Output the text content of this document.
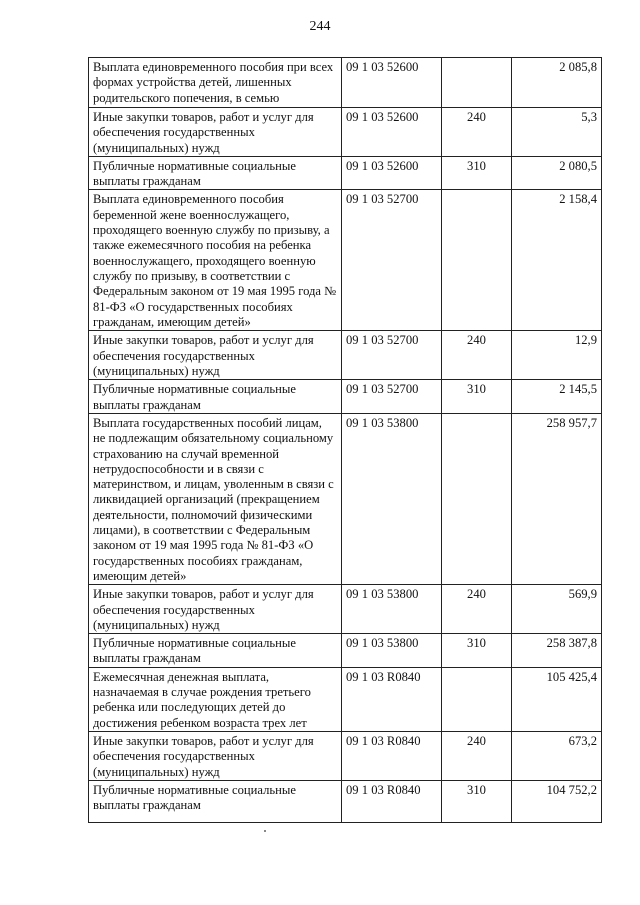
244
Выплата единовременного пособия при всех формах устройства детей, лишенных родительского попечения, в семью	09 1 03 52600		2 085,8
Иные закупки товаров, работ и услуг для обеспечения государственных (муниципальных) нужд	09 1 03 52600	240	5,3
Публичные нормативные социальные выплаты гражданам	09 1 03 52600	310	2 080,5
Выплата единовременного пособия беременной жене военнослужащего, проходящего военную службу по призыву, а также ежемесячного пособия на ребенка военнослужащего, проходящего военную службу по призыву, в соответствии с Федеральным законом от 19 мая 1995 года № 81-ФЗ «О государственных пособиях гражданам, имеющим детей»	09 1 03 52700		2 158,4
Иные закупки товаров, работ и услуг для обеспечения государственных (муниципальных) нужд	09 1 03 52700	240	12,9
Публичные нормативные социальные выплаты гражданам	09 1 03 52700	310	2 145,5
Выплата государственных пособий лицам, не подлежащим обязательному социальному страхованию на случай временной нетрудоспособности и в связи с материнством, и лицам, уволенным в связи с ликвидацией организаций (прекращением деятельности, полномочий физическими лицами), в соответствии с Федеральным законом от 19 мая 1995 года № 81-ФЗ «О государственных пособиях гражданам, имеющим детей»	09 1 03 53800		258 957,7
Иные закупки товаров, работ и услуг для обеспечения государственных (муниципальных) нужд	09 1 03 53800	240	569,9
Публичные нормативные социальные выплаты гражданам	09 1 03 53800	310	258 387,8
Ежемесячная денежная выплата, назначаемая в случае рождения третьего ребенка или последующих детей до достижения ребенком возраста трех лет	09 1 03 R0840		105 425,4
Иные закупки товаров, работ и услуг для обеспечения государственных (муниципальных) нужд	09 1 03 R0840	240	673,2
Публичные нормативные социальные выплаты гражданам	09 1 03 R0840	310	104 752,2
